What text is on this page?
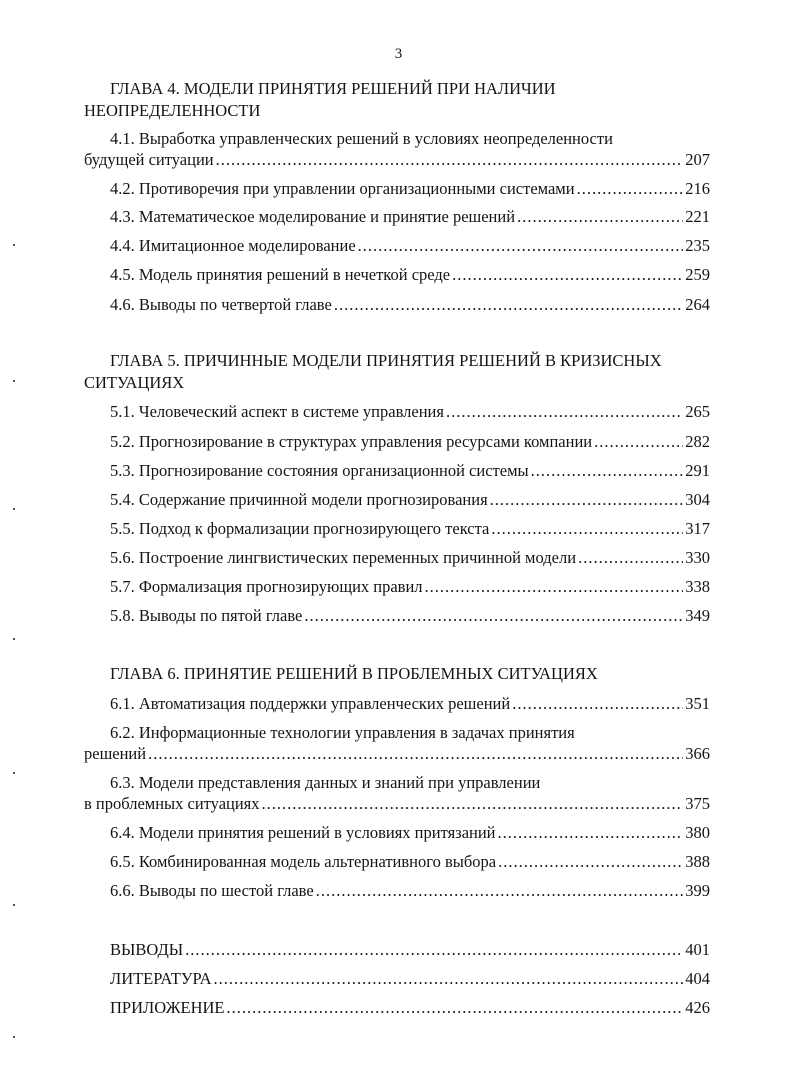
3
ГЛАВА 4. МОДЕЛИ ПРИНЯТИЯ РЕШЕНИЙ ПРИ НАЛИЧИИ
НЕОПРЕДЕЛЕННОСТИ
4.1. Выработка управленческих решений в условиях неопределенности
будущей ситуации .....	207
4.2. Противоречия при управлении организационными системами .....	216
4.3. Математическое моделирование и принятие решений .....	221
4.4. Имитационное моделирование .....	235
4.5. Модель принятия решений в нечеткой среде .....	259
4.6. Выводы по четвертой главе .....	264
ГЛАВА 5. ПРИЧИННЫЕ МОДЕЛИ ПРИНЯТИЯ РЕШЕНИЙ В КРИЗИСНЫХ
СИТУАЦИЯХ
5.1. Человеческий аспект в системе управления .....	265
5.2. Прогнозирование в структурах управления ресурсами компании .....	282
5.3. Прогнозирование состояния организационной системы .....	291
5.4. Содержание причинной модели прогнозирования .....	304
5.5. Подход к формализации прогнозирующего текста .....	317
5.6. Построение лингвистических переменных причинной модели .....	330
5.7. Формализация прогнозирующих правил .....	338
5.8. Выводы по пятой главе .....	349
ГЛАВА 6. ПРИНЯТИЕ РЕШЕНИЙ В ПРОБЛЕМНЫХ СИТУАЦИЯХ
6.1. Автоматизация поддержки управленческих решений .....	351
6.2. Информационные технологии управления в задачах принятия
решений .....	366
6.3. Модели представления данных и знаний при управлении
в проблемных ситуациях .....	375
6.4. Модели принятия решений в условиях притязаний .....	380
6.5. Комбинированная модель альтернативного выбора .....	388
6.6. Выводы по шестой главе .....	399
ВЫВОДЫ .....	401
ЛИТЕРАТУРА .....	404
ПРИЛОЖЕНИЕ .....	426
